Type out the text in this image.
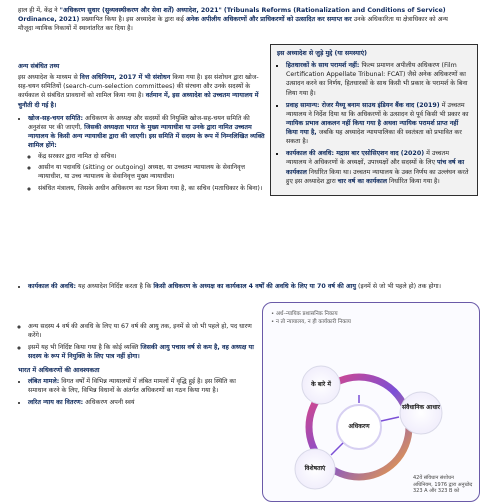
हाल ही में, केंद्र ने "अधिकरण सुधार (सुव्यवस्थीकरण और सेवा शर्तें) अध्यादेश, 2021" (Tribunals Reforms (Rationalization and Conditions of Service) Ordinance, 2021) प्रख्यापित किया है। इस अध्यादेश के द्वारा कई अनेक अपीलीय अधिकरणों और प्राधिकरणों को उत्सादित कर समाप्त कर उनके अधिकारिता या क्षेत्राधिकार को अन्य मौजूदा न्यायिक निकायों में स्थानांतरित कर दिया है।

अन्य संबंधित तथ्य

इस अध्यादेश के माध्यम से वित्त अधिनियम, 2017 में भी संशोधन किया गया है। इस संशोधन द्वारा खोज-सह-चयन समितियों (search-cum-selection committees) की संरचना और उनके सदस्यों के कार्यकाल से संबंधित प्रावधानों को शामिल किया गया है। वर्तमान में, इस अध्यादेश को उच्चतम न्यायालय में चुनौती दी गई है।

• खोज-सह-चयन समिति: अधिकरण के अध्यक्ष और सदस्यों की नियुक्ति खोज-सह-चयन समिति की अनुशंसा पर की जाएगी, जिसकी अध्यक्षता भारत के मुख्य न्यायाधीश या उनके द्वारा नामित उच्चतम न्यायालय के किसी अन्य न्यायाधीश द्वारा की जाएगी। इस समिति में सदस्य के रूप में निम्नलिखित व्यक्ति शामिल होंगे:
◦ केंद्र सरकार द्वारा नामित दो सचिव।
◦ आसीन या पदावधि (sitting or outgoing) अध्यक्ष, या उच्चतम न्यायालय के सेवानिवृत्त न्यायाधीश, या उच्च न्यायालय के सेवानिवृत्त मुख्य न्यायाधीश।
◦ संबंधित मंत्रालय, जिसके अधीन अधिकरण का गठन किया गया है, का सचिव (मताधिकार के बिना)।
इस अध्यादेश से जुड़े मुद्दे (या समस्याएं)
▪ हितधारकों के साथ परामर्श नहीं: फिल्म प्रमाणन अपीलीय अधिकरण (Film Certification Appellate Tribunal: FCAT) जैसे अनेक अधिकरणों का उत्सादन करने का निर्णय, हितधारकों के साथ किसी भी प्रकार के परामर्श के बिना लिया गया है।
▪ प्रवाह सामान्य: रोजर मैथ्यू बनाम साउथ इंडियन बैंक वाद (2019) में उच्चतम न्यायालय ने निर्देश दिया था कि अधिकरणों के उत्सादन से पूर्व किसी भी प्रकार का न्यायिक प्रभाव आकलन नहीं किया गया है अथवा न्यायिक परामर्श प्राप्त नहीं किया गया है, जबकि यह अध्यादेश न्यायपालिका की स्वतंत्रता को प्रभावित कर सकता है।
▪ कार्यकाल की अवधि: मद्रास बार एसोसिएशन वाद (2020) में उच्चतम न्यायालय ने अधिकरणों के अध्यक्षों, उपाध्यक्षों और सदस्यों के लिए पांच वर्ष का कार्यकाल निर्धारित किया था। उच्चतम न्यायालय के उक्त निर्णय का उल्लंघन करते हुए इस अध्यादेश द्वारा चार वर्ष का कार्यकाल निर्धारित किया गया है।
• कार्यकाल की अवधि: यह अध्यादेश निर्दिष्ट करता है कि किसी अधिकरण के अध्यक्ष का कार्यकाल 4 वर्षों की अवधि के लिए या 70 वर्ष की आयु (इनमें से जो भी पहले हो) तक होगा।
◦ अन्य सदस्य 4 वर्ष की अवधि के लिए या 67 वर्ष की आयु तक, इनमें से जो भी पहले हो, पद धारण करेंगे।
◦ इसमें यह भी निर्दिष्ट किया गया है कि कोई व्यक्ति जिसकी आयु पचास वर्ष से कम है, वह अध्यक्ष या सदस्य के रूप में नियुक्ति के लिए पात्र नहीं होगा।
भारत में अधिकरणों की आवश्यकता
• लंबित मामले: विगत वर्षों में विभिन्न न्यायालयों में लंबित मामलों में वृद्धि हुई है। इस स्थिति का समाधान करने के लिए, विभिन्न विधानों के अंतर्गत अधिकरणों का गठन किया गया है।
• त्वरित न्याय का वितरण: अधिकरण अपनी स्वयं
• अर्ध–न्यायिक प्रशासनिक निकाय
• न तो न्यायालय, न ही कार्यकारी निकाय
के बारे में
अधिकरण
संवैधानिक आधार
विशेषताएं
42वें संविधान संशोधन अधिनियम, 1976 द्वारा अनुच्छेद 323 A और 323 B को
